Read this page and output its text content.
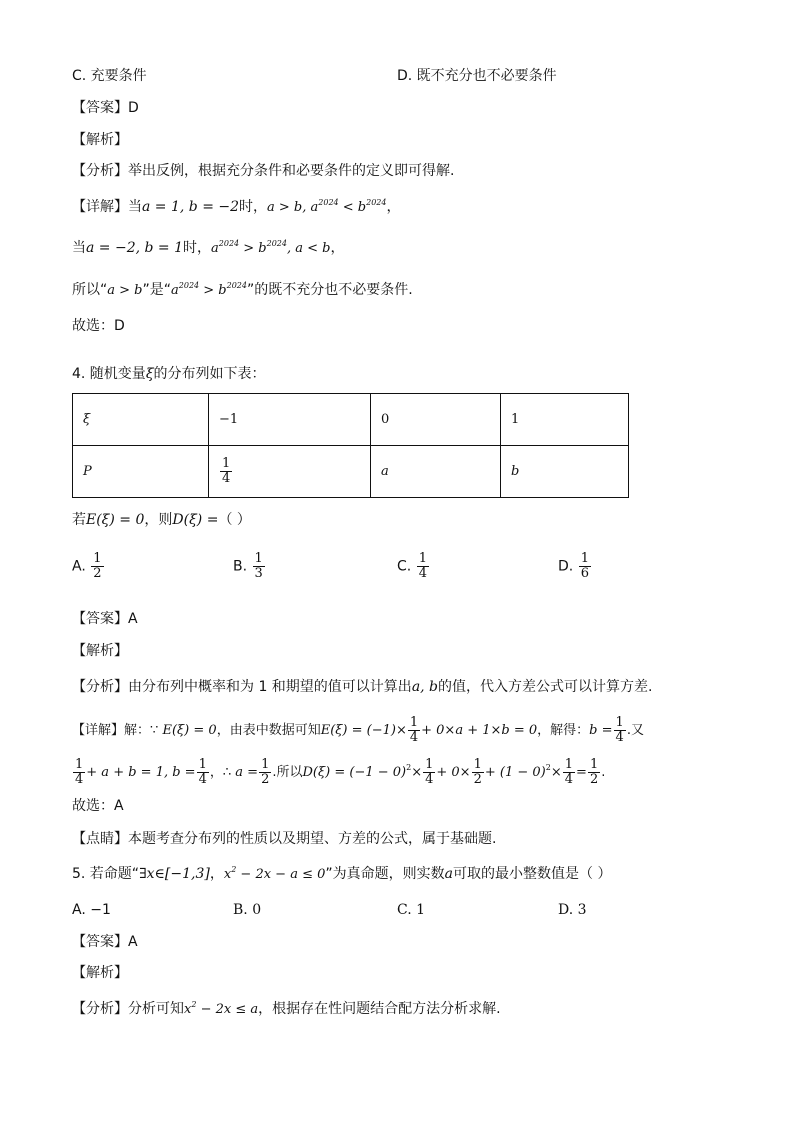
C. 充要条件	D. 既不充分也不必要条件
【答案】D
【解析】
【分析】举出反例，根据充分条件和必要条件的定义即可得解.
【详解】当a = 1, b = −2时，a > b, $a^{2024} < b^{2024}$，
当a = −2, b = 1时，$a^{2024} > b^{2024}$, a < b，
所以“a > b”是“$a^{2024} > b^{2024}$”的既不充分也不必要条件.
故选：D
4. 随机变量ξ的分布列如下表：
ξ	−1	0	1
P	$\frac{1}{4}$	a	b
若E(ξ) = 0，则D(ξ) =（ ）
A. $\frac{1}{2}$	B. $\frac{1}{3}$	C. $\frac{1}{4}$	D. $\frac{1}{6}$
【答案】A
【解析】
【分析】由分布列中概率和为 1 和期望的值可以计算出a, b的值，代入方差公式可以计算方差.
【详解】解：∵ E(ξ) = 0，由表中数据可知$E(\xi) = (-1)\times \frac{1}{4} + 0\times a + 1\times b = 0$，解得：$b = \frac{1}{4}$ .又
$\frac{1}{4} + a + b = 1$, $b = \frac{1}{4}$ ，∴ $a = \frac{1}{2}$ .所以$D(\xi) = (-1 - 0)^2\times \frac{1}{4} + 0\times \frac{1}{2} + (1 - 0)^2\times \frac{1}{4} = \frac{1}{2}$ .
故选：A
【点睛】本题考查分布列的性质以及期望、方差的公式，属于基础题.
5. 若命题“∃x∈[−1,3]，$x^2 - 2x - a \le 0$”为真命题，则实数a可取的最小整数值是（ ）
A. −1	B. 0	C. 1	D. 3
【答案】A
【解析】
【分析】分析可知$x^2 - 2x \le a$，根据存在性问题结合配方法分析求解.
